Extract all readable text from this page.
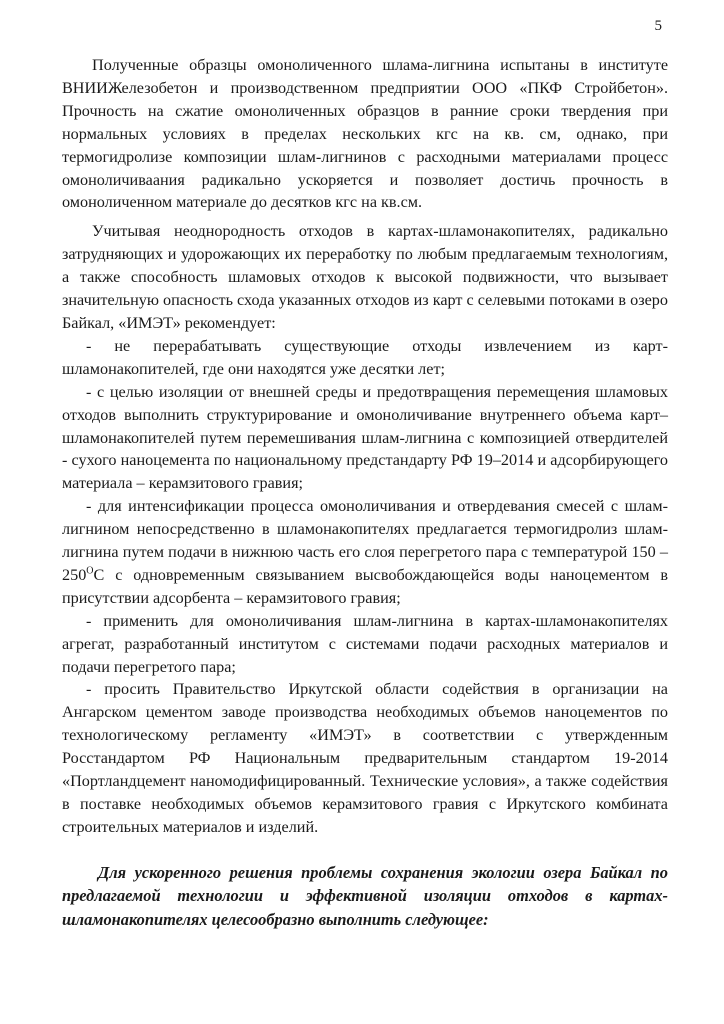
5

Полученные образцы омоноличенного шлама-лигнина испытаны в институте ВНИИЖелезобетон и производственном предприятии ООО «ПКФ Стройбетон». Прочность на сжатие омоноличенных образцов в ранние сроки твердения при нормальных условиях в пределах нескольких кгс на кв. см, однако, при термогидролизе композиции шлам-лигнинов с расходными материалами процесс омоноличиваания радикально ускоряется и позволяет достичь прочность в омоноличенном материале до десятков кгс на кв.см.

Учитывая неоднородность отходов в картах-шламонакопителях, радикально затрудняющих и удорожающих их переработку по любым предлагаемым технологиям, а также способность шламовых отходов к высокой подвижности, что вызывает значительную опасность схода указанных отходов из карт с селевыми потоками в озеро Байкал, «ИМЭТ» рекомендует:

- не перерабатывать существующие отходы извлечением из карт-шламонакопителей, где они находятся уже десятки лет;

- с целью изоляции от внешней среды и предотвращения перемещения шламовых отходов выполнить структурирование и омоноличивание внутреннего объема карт–шламонакопителей путем перемешивания шлам-лигнина с композицией отвердителей - сухого наноцемента по национальному предстандарту РФ 19–2014 и адсорбирующего материала – керамзитового гравия;

- для интенсификации процесса омоноличивания и отвердевания смесей с шлам-лигнином непосредственно в шламонакопителях предлагается термогидролиз шлам-лигнина путем подачи в нижнюю часть его слоя перегретого пара с температурой $150 - 250^ОС$ с одновременным связыванием высвобождающейся воды наноцементом в присутствии адсорбента – керамзитового гравия;

- применить для омоноличивания шлам-лигнина в картах-шламонакопителях агрегат, разработанный институтом с системами подачи расходных материалов и подачи перегретого пара;

- просить Правительство Иркутской области содействия в организации на Ангарском цементом заводе производства необходимых объемов наноцементов по технологическому регламенту «ИМЭТ» в соответствии с утвержденным Росстандартом РФ Национальным предварительным стандартом 19-2014 «Портландцемент наномодифицированный. Технические условия», а также содействия в поставке необходимых объемов керамзитового гравия с Иркутского комбината строительных материалов и изделий.

Для ускоренного решения проблемы сохранения экологии озера Байкал по предлагаемой технологии и эффективной изоляции отходов в картах-шламонакопителях целесообразно выполнить следующее:
